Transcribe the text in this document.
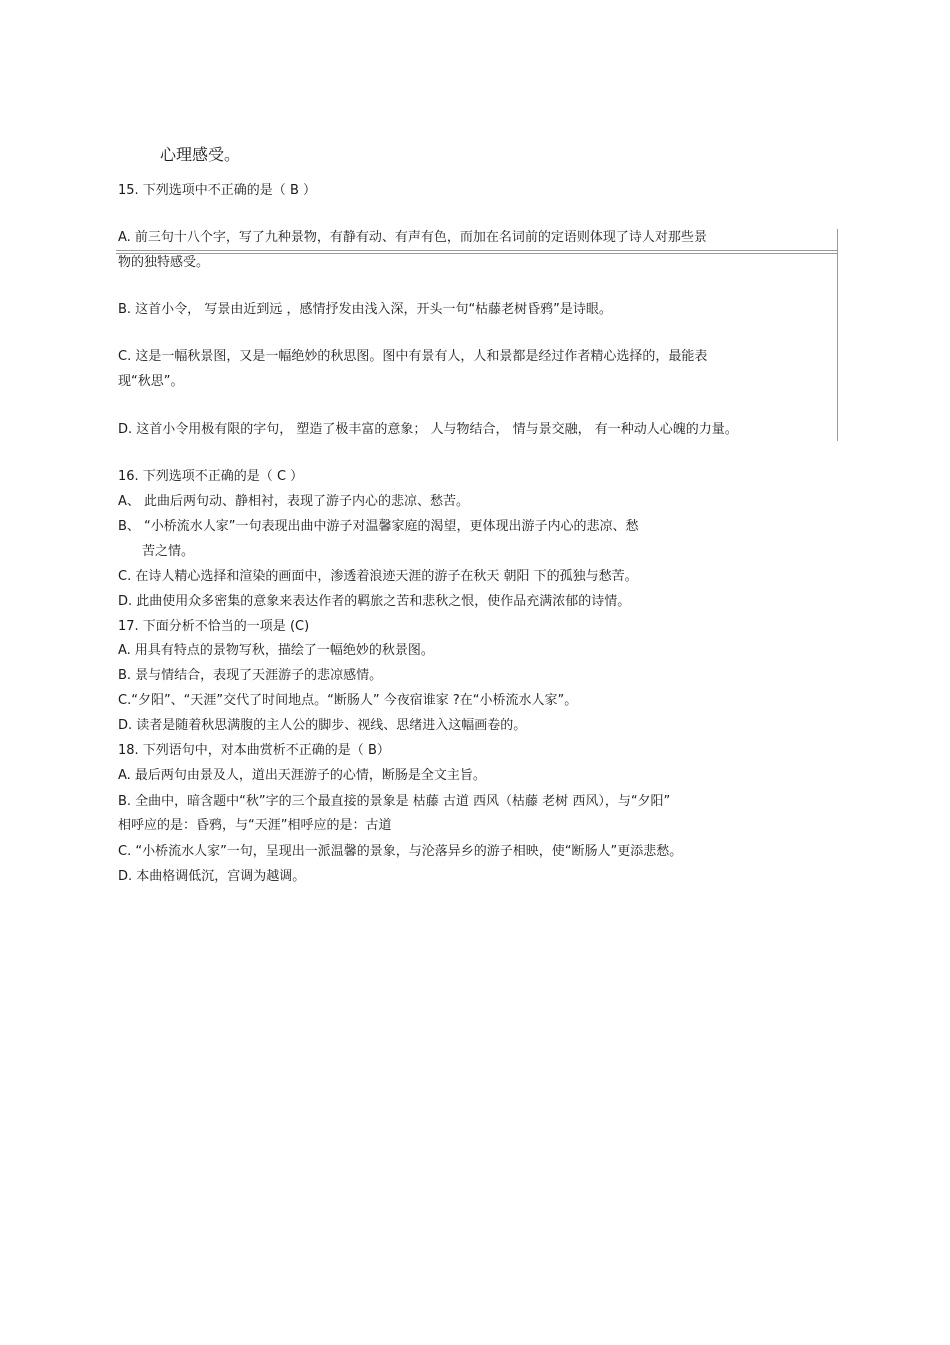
心理感受。

15. 下列选项中不正确的是（ B ）

A. 前三句十八个字，写了九种景物，有静有动、有声有色，而加在名词前的定语则体现了诗人对那些景

物的独特感受。

B. 这首小令， 写景由近到远 ，感情抒发由浅入深，开头一句“枯藤老树昏鸦”是诗眼。

C. 这是一幅秋景图，又是一幅绝妙的秋思图。图中有景有人，人和景都是经过作者精心选择的，最能表

现“秋思”。

D. 这首小令用极有限的字句， 塑造了极丰富的意象； 人与物结合， 情与景交融， 有一种动人心魄的力量。

16. 下列选项不正确的是（ C ）

A、 此曲后两句动、静相衬，表现了游子内心的悲凉、愁苦。

B、 “小桥流水人家”一句表现出曲中游子对温馨家庭的渴望，更体现出游子内心的悲凉、愁

苦之情。

C. 在诗人精心选择和渲染的画面中，渗透着浪迹天涯的游子在秋天 朝阳 下的孤独与愁苦。

D. 此曲使用众多密集的意象来表达作者的羁旅之苦和悲秋之恨，使作品充满浓郁的诗情。

17. 下面分析不恰当的一项是 (C)

A. 用具有特点的景物写秋，描绘了一幅绝妙的秋景图。

B. 景与情结合，表现了天涯游子的悲凉感情。

C.“夕阳”、“天涯”交代了时间地点。“断肠人” 今夜宿谁家 ?在“小桥流水人家”。

D. 读者是随着秋思满腹的主人公的脚步、视线、思绪进入这幅画卷的。

18. 下列语句中，对本曲赏析不正确的是（ B）

A. 最后两句由景及人，道出天涯游子的心情，断肠是全文主旨。

B. 全曲中，暗含题中“秋”字的三个最直接的景象是 枯藤 古道 西风（枯藤 老树 西风），与“夕阳”

相呼应的是：昏鸦，与“天涯”相呼应的是：古道

C. “小桥流水人家”一句，呈现出一派温馨的景象，与沦落异乡的游子相映，使“断肠人”更添悲愁。

D. 本曲格调低沉，宫调为越调。
